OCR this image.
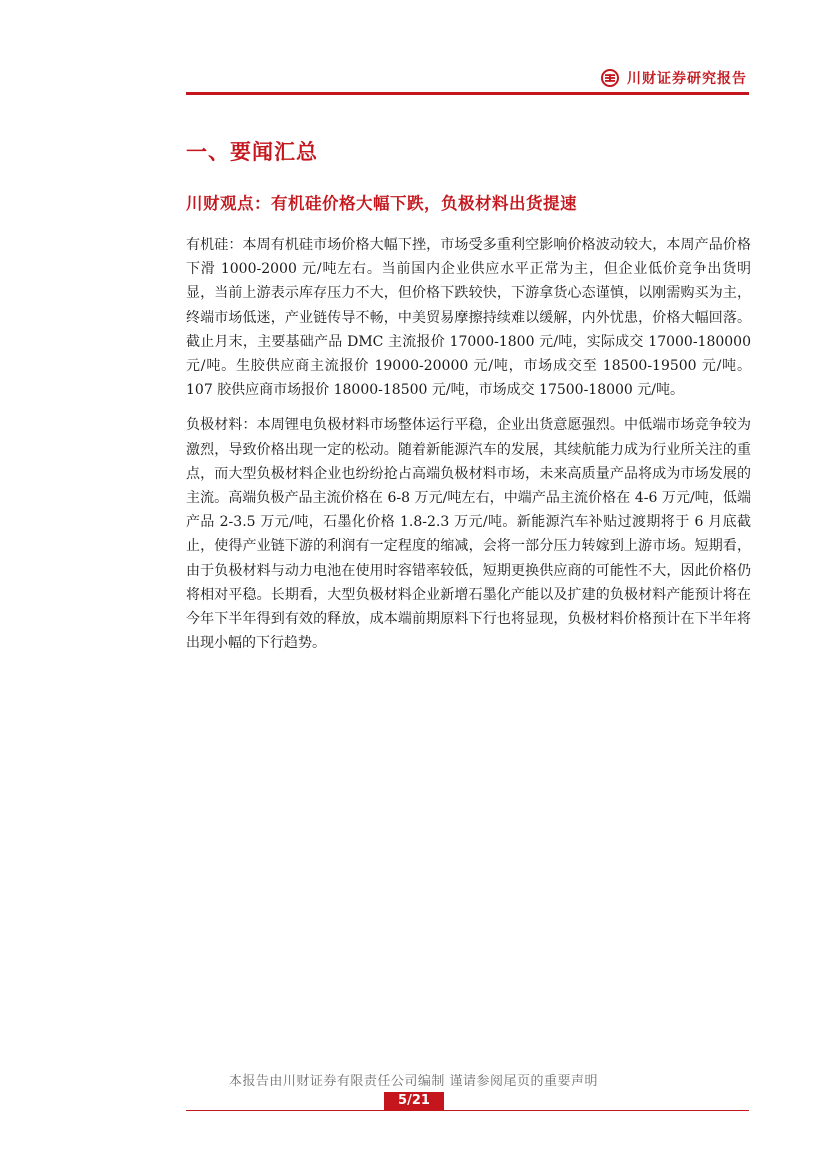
川财证券研究报告
一、要闻汇总
川财观点：有机硅价格大幅下跌，负极材料出货提速

有机硅：本周有机硅市场价格大幅下挫，市场受多重利空影响价格波动较大，本周产品价格下滑 1000-2000 元/吨左右。当前国内企业供应水平正常为主，但企业低价竞争出货明显，当前上游表示库存压力不大，但价格下跌较快，下游拿货心态谨慎，以刚需购买为主，终端市场低迷，产业链传导不畅，中美贸易摩擦持续难以缓解，内外忧患，价格大幅回落。截止月末，主要基础产品 DMC 主流报价 17000-1800 元/吨，实际成交 17000-180000 元/吨。生胶供应商主流报价 19000-20000 元/吨，市场成交至 18500-19500 元/吨。107 胶供应商市场报价 18000-18500 元/吨，市场成交 17500-18000 元/吨。

负极材料：本周锂电负极材料市场整体运行平稳，企业出货意愿强烈。中低端市场竞争较为激烈，导致价格出现一定的松动。随着新能源汽车的发展，其续航能力成为行业所关注的重点，而大型负极材料企业也纷纷抢占高端负极材料市场，未来高质量产品将成为市场发展的主流。高端负极产品主流价格在 6-8 万元/吨左右，中端产品主流价格在 4-6 万元/吨，低端产品 2-3.5 万元/吨，石墨化价格 1.8-2.3 万元/吨。新能源汽车补贴过渡期将于 6 月底截止，使得产业链下游的利润有一定程度的缩减，会将一部分压力转嫁到上游市场。短期看，由于负极材料与动力电池在使用时容错率较低，短期更换供应商的可能性不大，因此价格仍将相对平稳。长期看，大型负极材料企业新增石墨化产能以及扩建的负极材料产能预计将在今年下半年得到有效的释放，成本端前期原料下行也将显现，负极材料价格预计在下半年将出现小幅的下行趋势。

本报告由川财证券有限责任公司编制 谨请参阅尾页的重要声明
5/21
